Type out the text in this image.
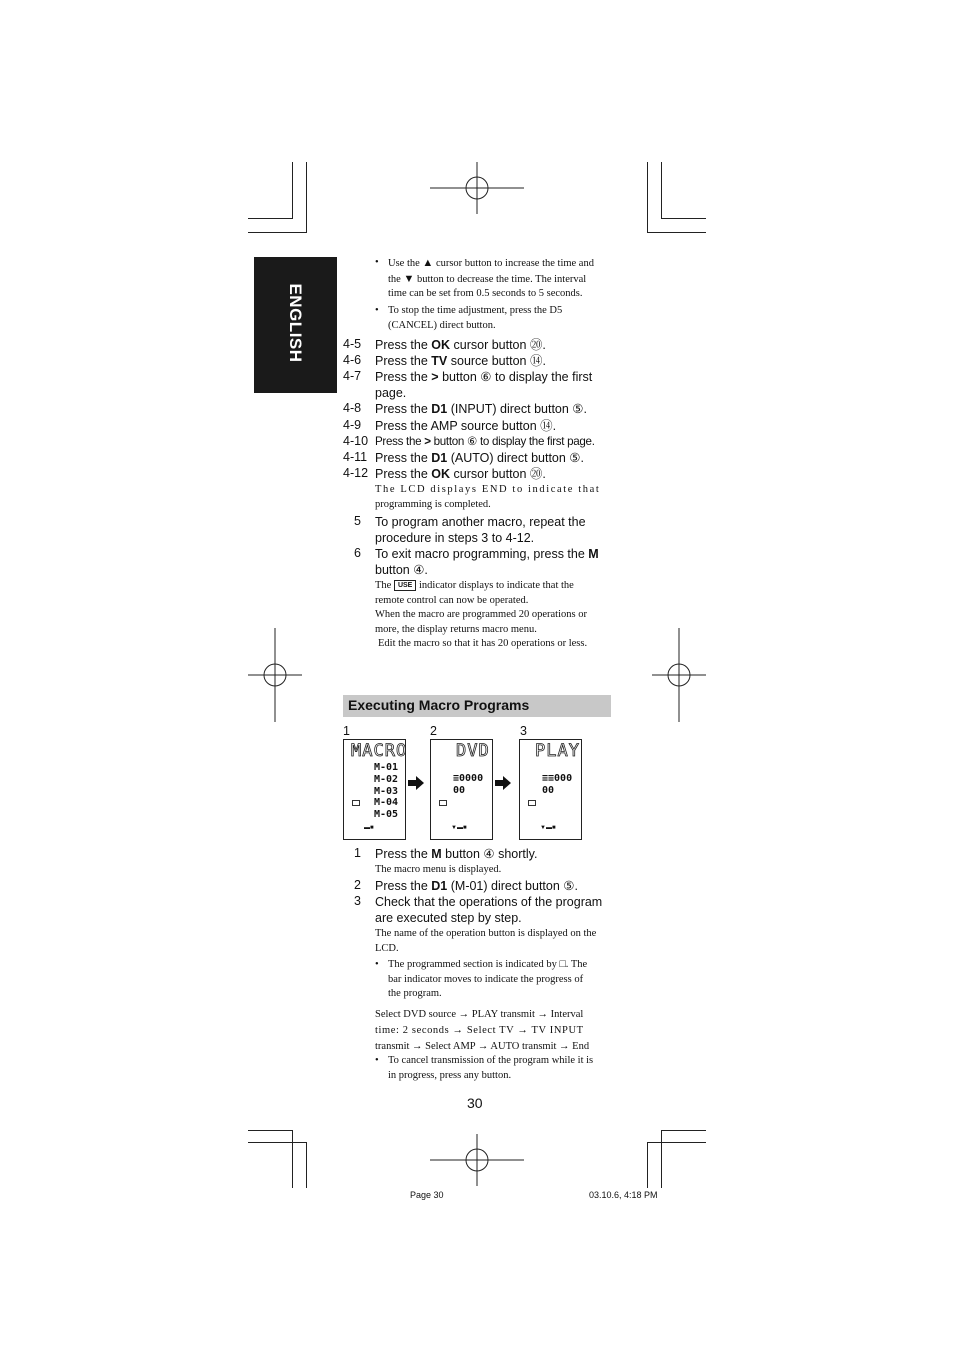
ENGLISH
• Use the ▲ cursor button to increase the time and
the ▼ button to decrease the time. The interval
time can be set from 0.5 seconds to 5 seconds.
• To stop the time adjustment, press the D5
(CANCEL) direct button.
4-5 Press the OK cursor button ⑳.
4-6 Press the TV source button ⑭.
4-7 Press the > button ⑥ to display the first
page.
4-8 Press the D1 (INPUT) direct button ⑤.
4-9 Press the AMP source button ⑭.
4-10 Press the > button ⑥ to display the first page.
4-11 Press the D1 (AUTO) direct button ⑤.
4-12 Press the OK cursor button ⑳.
The LCD displays END to indicate that
programming is completed.
5 To program another macro, repeat the
procedure in steps 3 to 4-12.
6 To exit macro programming, press the M
button ④.
The USE indicator displays to indicate that the
remote control can now be operated.
When the macro are programmed 20 operations or
more, the display returns macro menu.
Edit the macro so that it has 20 operations or less.
Executing Macro Programs
1	2	3
MACRO
M-01
M-02
M-03
M-04
M-05
▬■
DVD
≡0000
00
▼▬■
PLAY
≡≡000
00
▼▬■
1 Press the M button ④ shortly.
The macro menu is displayed.
2 Press the D1 (M-01) direct button ⑤.
3 Check that the operations of the program
are executed step by step.
The name of the operation button is displayed on the
LCD.
• The programmed section is indicated by □. The
bar indicator moves to indicate the progress of
the program.
Select DVD source → PLAY transmit → Interval
time: 2 seconds → Select TV → TV INPUT
transmit → Select AMP → AUTO transmit → End
• To cancel transmission of the program while it is
in progress, press any button.
30
Page 30	03.10.6, 4:18 PM
